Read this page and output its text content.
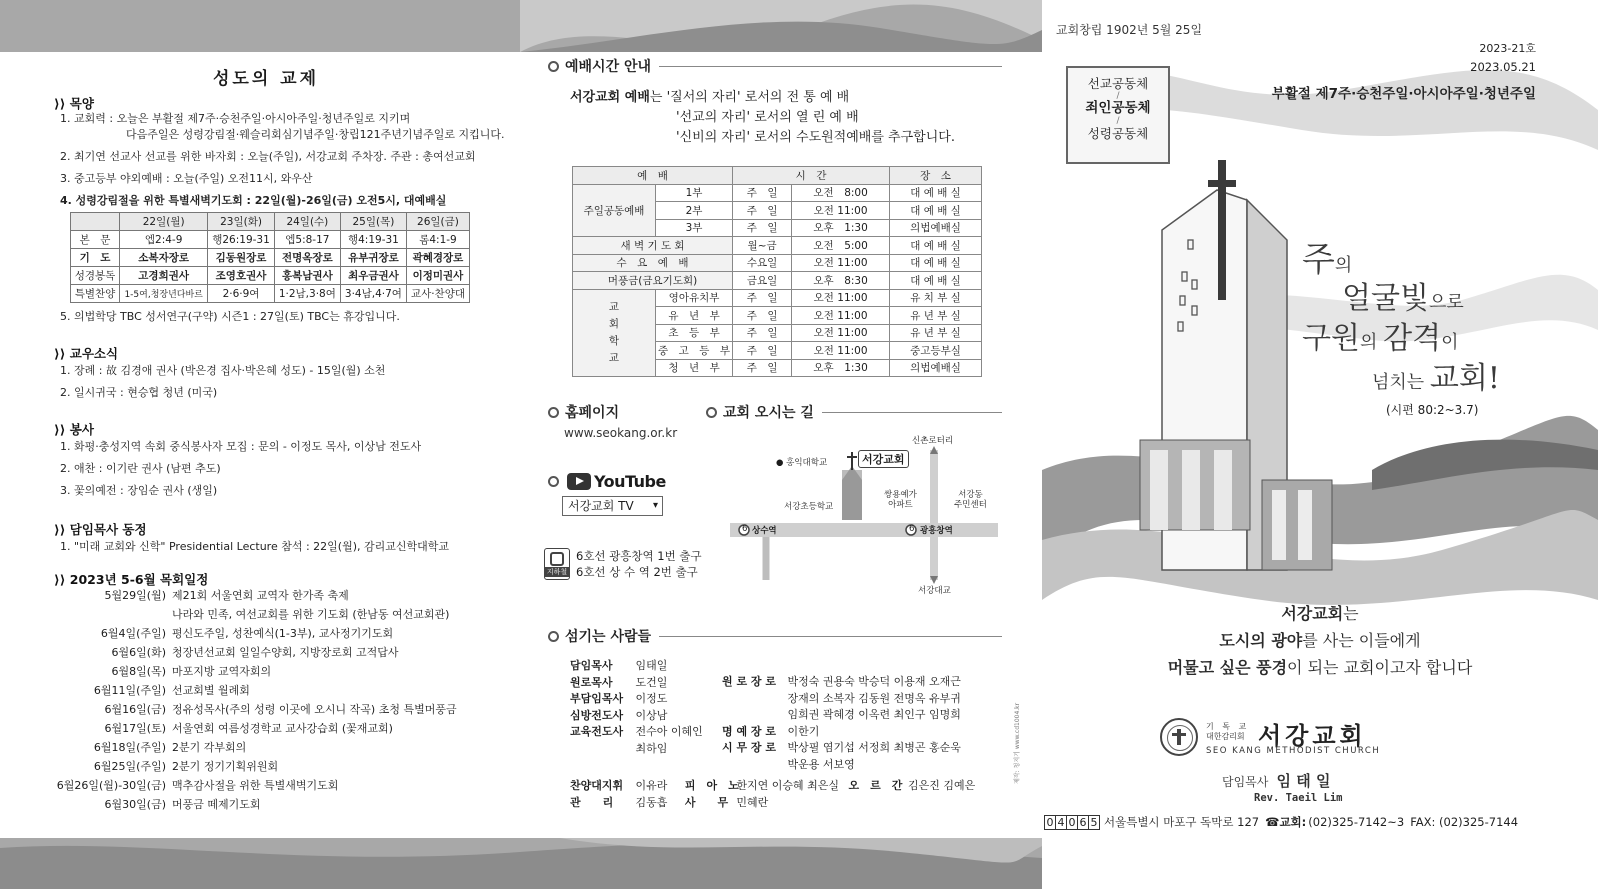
성도의 교제
⟩⟩ 목양
1. 교회력 : 오늘은 부활절 제7주·승천주일·아시아주일·청년주일로 지키며
다음주일은 성령강림절·웨슬리회심기념주일·창립121주년기념주일로 지킵니다.
2. 최기연 선교사 선교를 위한 바자회 : 오늘(주일), 서강교회 주차장. 주관 : 총여선교회
3. 중고등부 야외예배 : 오늘(주일) 오전11시, 와우산
4. 성령강림절을 위한 특별새벽기도회 : 22일(월)-26일(금) 오전5시, 대예배실
	22일(월)	23일(화)	24일(수)	25일(목)	26일(금)
본　문	엡2:4-9	행26:19-31	엡5:8-17	행4:19-31	롬4:1-9
기　도	소복자장로	김동원장로	전명옥장로	유부귀장로	곽혜경장로
성경봉독	고경희권사	조영호권사	홍복남권사	최우금권사	이정미권사
특별찬양	1-5여,청장년다바르	2·6·9여	1·2남,3·8여	3·4남,4·7여	교사·찬양대
5. 의법학당 TBC 성서연구(구약) 시즌1 : 27일(토) TBC는 휴강입니다.
⟩⟩ 교우소식
1. 장례 : 故 김경애 권사 (박은경 집사·박은혜 성도) - 15일(월) 소천
2. 일시귀국 : 현승협 청년 (미국)
⟩⟩ 봉사
1. 화평·충성지역 속회 중식봉사자 모집 : 문의 - 이정도 목사, 이상남 전도사
2. 애찬 : 이기란 권사 (남편 추도)
3. 꽃의예전 : 장임순 권사 (생일)
⟩⟩ 담임목사 동정
1. "미래 교회와 신학" Presidential Lecture 참석 : 22일(월), 감리교신학대학교
⟩⟩ 2023년 5-6월 목회일정
5월29일(월) 제21회 서울연회 교역자 한가족 축제
나라와 민족, 여선교회를 위한 기도회 (한남동 여선교회관)
6월4일(주일) 평신도주일, 성찬예식(1-3부), 교사정기기도회
6월6일(화) 청장년선교회 일일수양회, 지방장로회 고적답사
6월8일(목) 마포지방 교역자회의
6월11일(주일) 선교회별 월례회
6월16일(금) 정유성목사(주의 성령 이곳에 오시니 작곡) 초청 특별머풍금
6월17일(토) 서울연회 여름성경학교 교사강습회 (꽃재교회)
6월18일(주일) 2분기 각부회의
6월25일(주일) 2분기 정기기획위원회
6월26일(월)-30일(금) 맥추감사절을 위한 특별새벽기도회
6월30일(금) 머풍금 떼제기도회
예배시간 안내
서강교회 예배는 '질서의 자리' 로서의 전 통 예 배
'선교의 자리' 로서의 열 린 예 배
'신비의 자리' 로서의 수도원적예배를 추구합니다.
예　배		시　간		장　소
주일공동예배	1부	주　일	오전　8:00	대 예 배 실
	2부	주　일	오전 11:00	대 예 배 실
	3부	주　일	오후　1:30	의법예배실
새 벽 기 도 회		월~금	오전　5:00	대 예 배 실
수　요　예　배		수요일	오전 11:00	대 예 배 실
머풍금(금요기도회)		금요일	오후　8:30	대 예 배 실

교
회
학
교	영아유치부	주　일	오전 11:00	유 치 부 실
	유　년　부	주　일	오전 11:00	유 년 부 실
	초　등　부	주　일	오전 11:00	유 년 부 실
	중　고　등　부	주　일	오전 11:00	중고등부실
	청　년　부	주　일	오후　1:30	의법예배실
홈페이지
www.seokang.or.kr
YouTube
서강교회 TV ▾
지하철
6호선 광흥창역 1번 출구
6호선 상 수 역 2번 출구
교회 오시는 길
신촌로터리
● 홍익대학교	서강교회
서강초등학교
쌍용예가
아파트
서강동
주민센터
6 상수역	6 광흥창역
서강대교
섬기는 사람들
담임목사 임태일
원로목사 도건일
부담임목사 이정도
심방전도사 이상남
교육전도사 전수아 이혜인
최하임
원 로 장 로 박정숙 권용숙 박승덕 이용재 오재근
장재의 소복자 김동원 전명옥 유부귀
임희권 곽혜경 이옥련 최인구 임명희
명 예 장 로 이한기
시 무 장 로 박상필 염기섭 서정희 최병곤 홍순욱
박운용 서보영
찬양대지휘 이유라 피　아　노 한지연 이승혜 최은실 오　르　간 김은진 김예은
관　　리 김동흡 사　　무 민혜란
제작: 청지기 www.cd1004.kr
교회창립 1902년 5월 25일
2023-21호
2023.05.21
부활절 제7주·승천주일·아시아주일·청년주일
선교공동체
/
죄인공동체
/
성령공동체
주의
얼굴빛으로
구원의 감격이
넘치는 교회!
(시편 80:2~3.7)
서강교회는
도시의 광야를 사는 이들에게
머물고 싶은 풍경이 되는 교회이고자 합니다
기 독 교
대한감리회 서강교회
SEO KANG METHODIST CHURCH
담임목사 임 태 일
Rev. Taeil Lim
0 4 0 6 5 서울특별시 마포구 독막로 127 ☎교회: (02)325-7142~3 FAX: (02)325-7144
